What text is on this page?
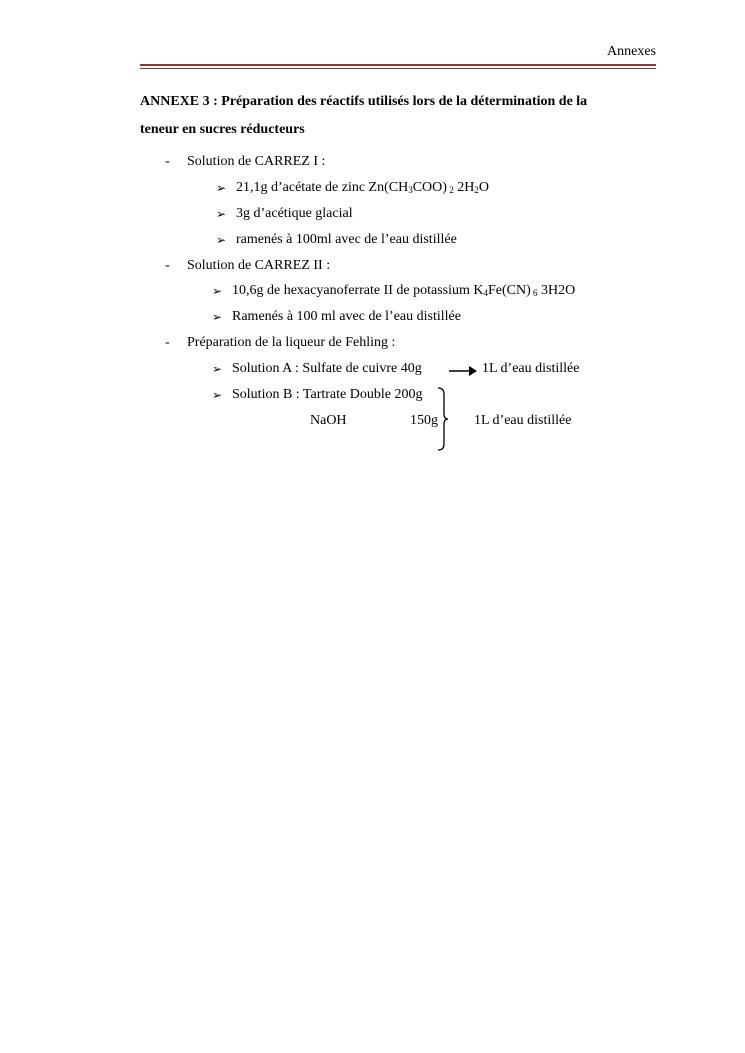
Annexes
ANNEXE 3 : Préparation des réactifs utilisés lors de la détermination de la
teneur en sucres réducteurs
- Solution de CARREZ I :
➢ 21,1g d’acétate de zinc $Zn(CH_3COO)$ $_2$ $2H_2O$
➢ 3g d’acétique glacial
➢ ramenés à 100ml avec de l’eau distillée
- Solution de CARREZ II :
➢ 10,6g de hexacyanoferrate II de potassium $K_4Fe(CN)$ $_6$ 3H2O
➢ Ramenés à 100 ml avec de l’eau distillée
- Préparation de la liqueur de Fehling :
➢ Solution A : Sulfate de cuivre 40g	1L d’eau distillée
➢ Solution B : Tartrate Double 200g
NaOH	150g	1L d’eau distillée
